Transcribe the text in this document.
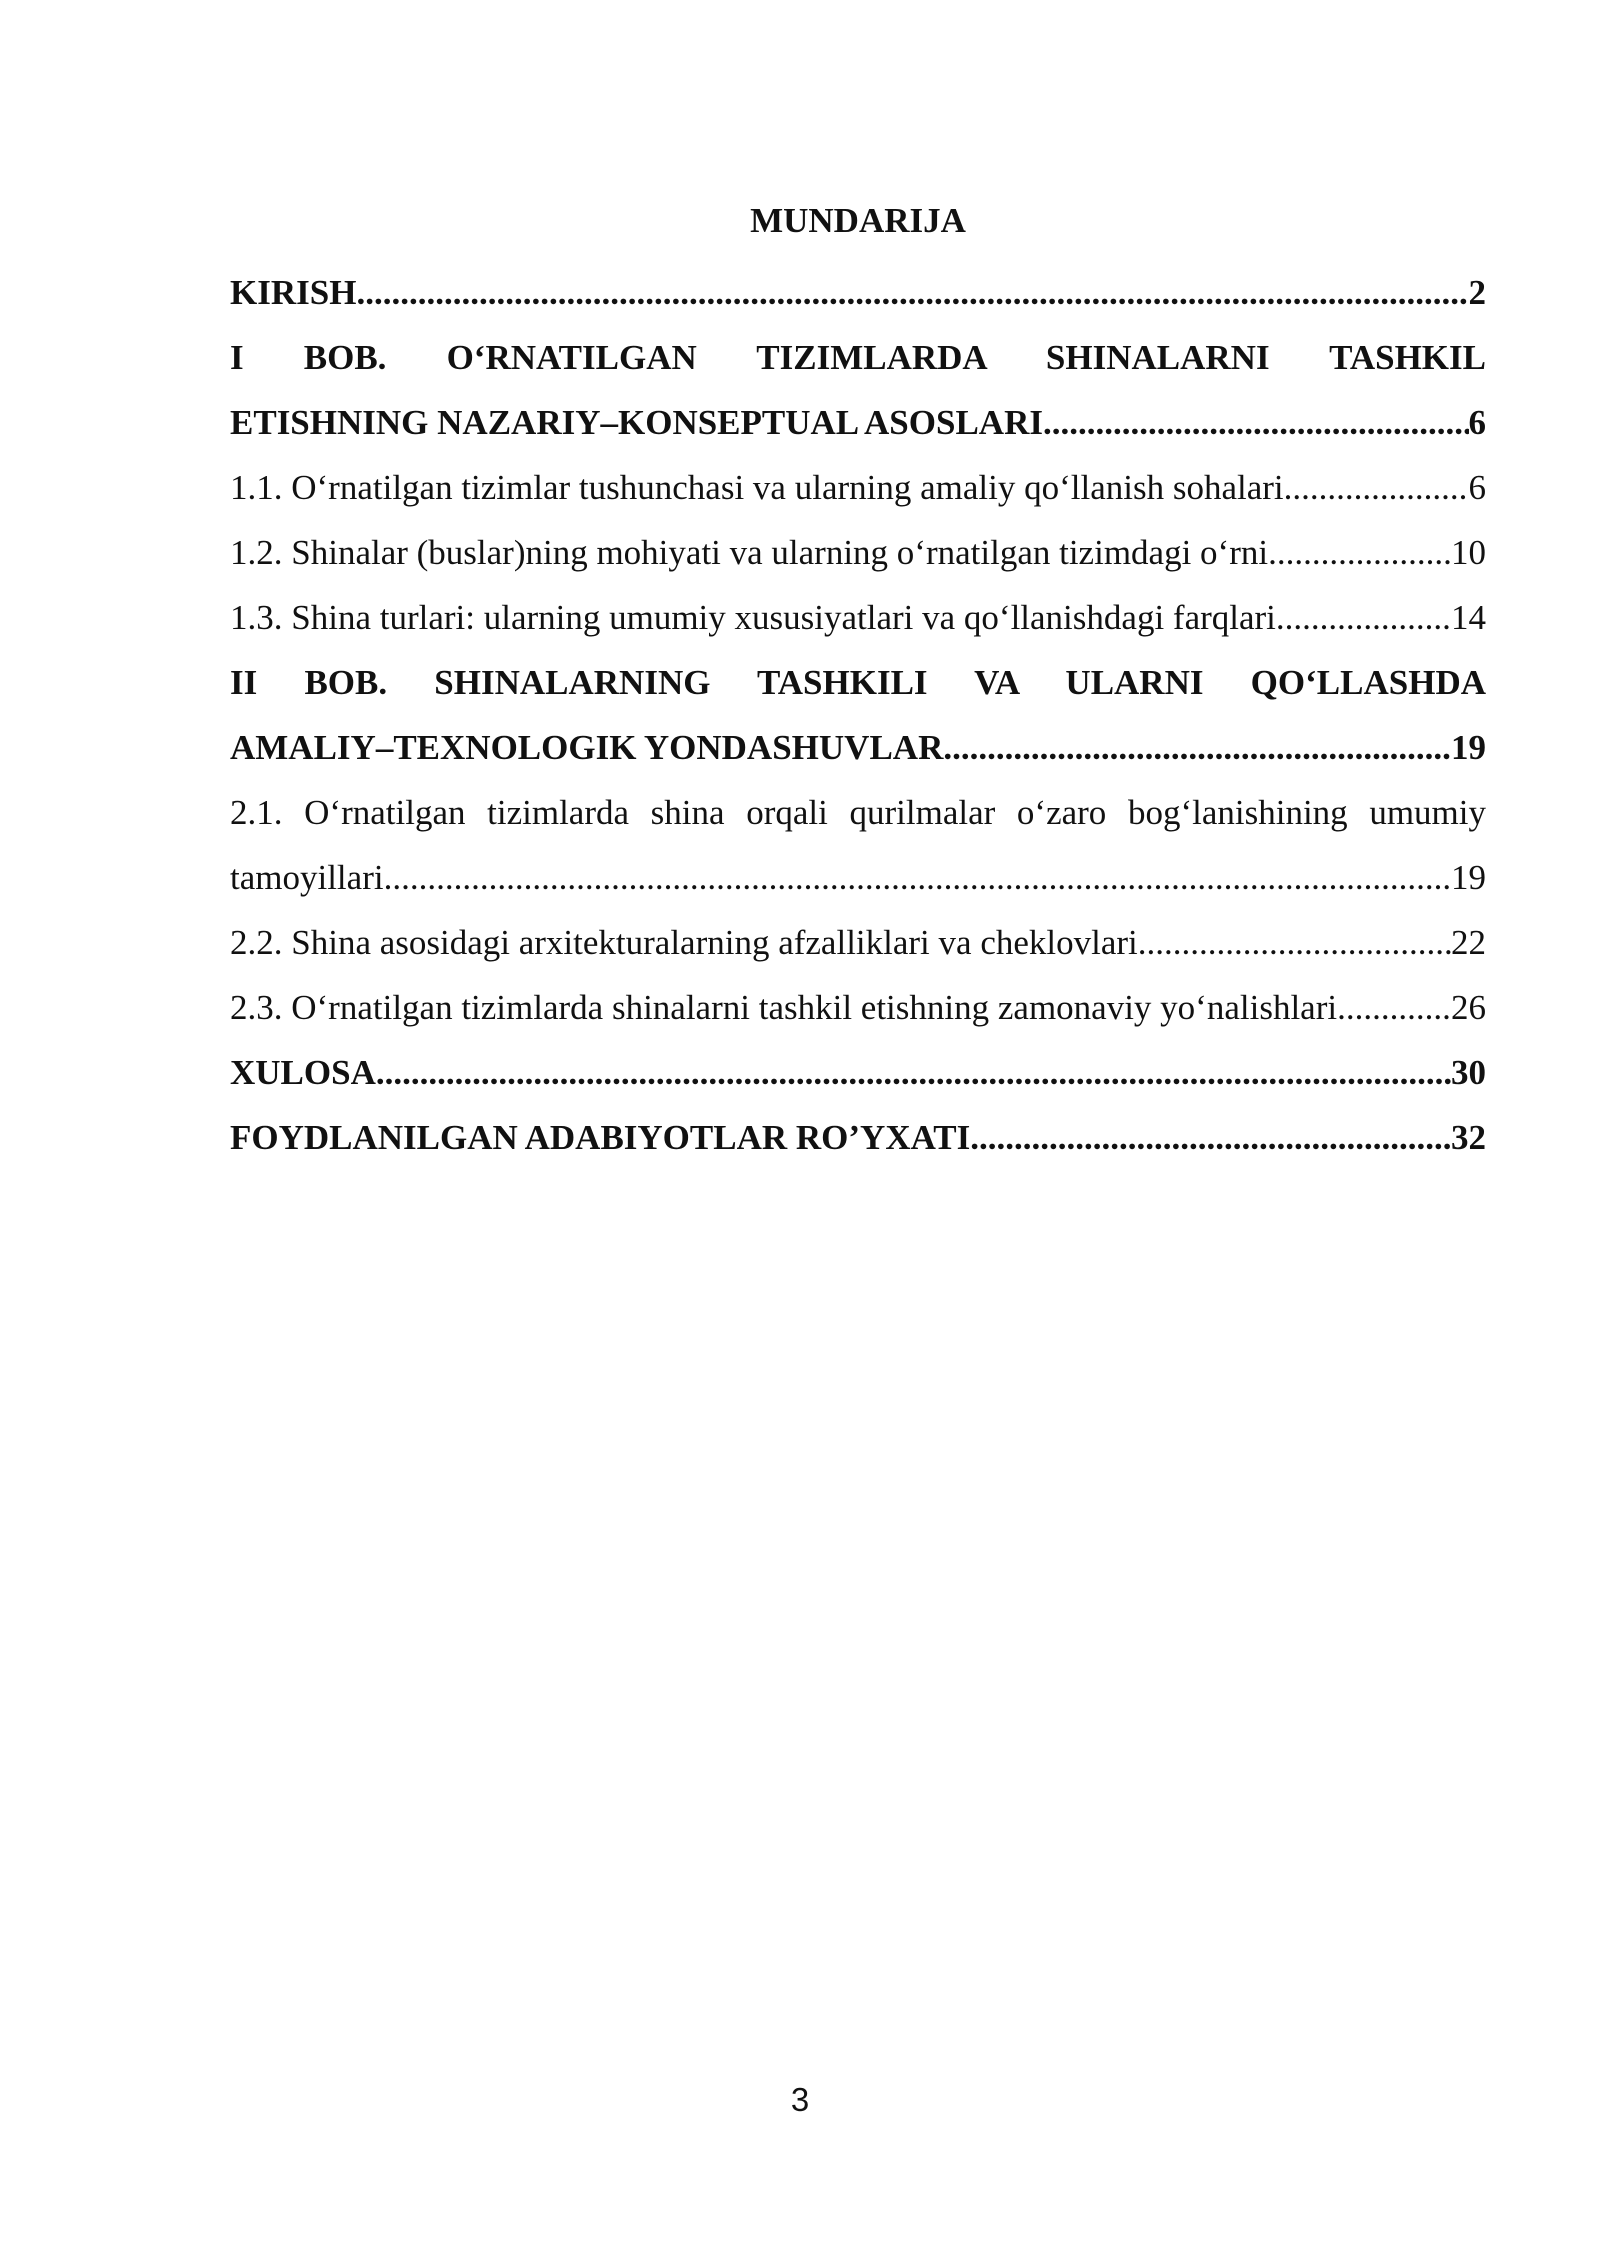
MUNDARIJA
KIRISH .....	2
I BOB. O‘RNATILGAN TIZIMLARDA SHINALARNI TASHKIL
ETISHNING NAZARIY–KONSEPTUAL ASOSLARI .....	6
1.1. O‘rnatilgan tizimlar tushunchasi va ularning amaliy qo‘llanish sohalari .....	6
1.2. Shinalar (buslar)ning mohiyati va ularning o‘rnatilgan tizimdagi o‘rni .....	10
1.3. Shina turlari: ularning umumiy xususiyatlari va qo‘llanishdagi farqlari .....	14
II BOB. SHINALARNING TASHKILI VA ULARNI QO‘LLASHDA
AMALIY–TEXNOLOGIK YONDASHUVLAR .....	19
2.1. O‘rnatilgan tizimlarda shina orqali qurilmalar o‘zaro bog‘lanishining umumiy
tamoyillari .....	19
2.2. Shina asosidagi arxitekturalarning afzalliklari va cheklovlari .....	22
2.3. O‘rnatilgan tizimlarda shinalarni tashkil etishning zamonaviy yo‘nalishlari .....	26
XULOSA .....	30
FOYDLANILGAN ADABIYOTLAR RO’YXATI .....	32
3
